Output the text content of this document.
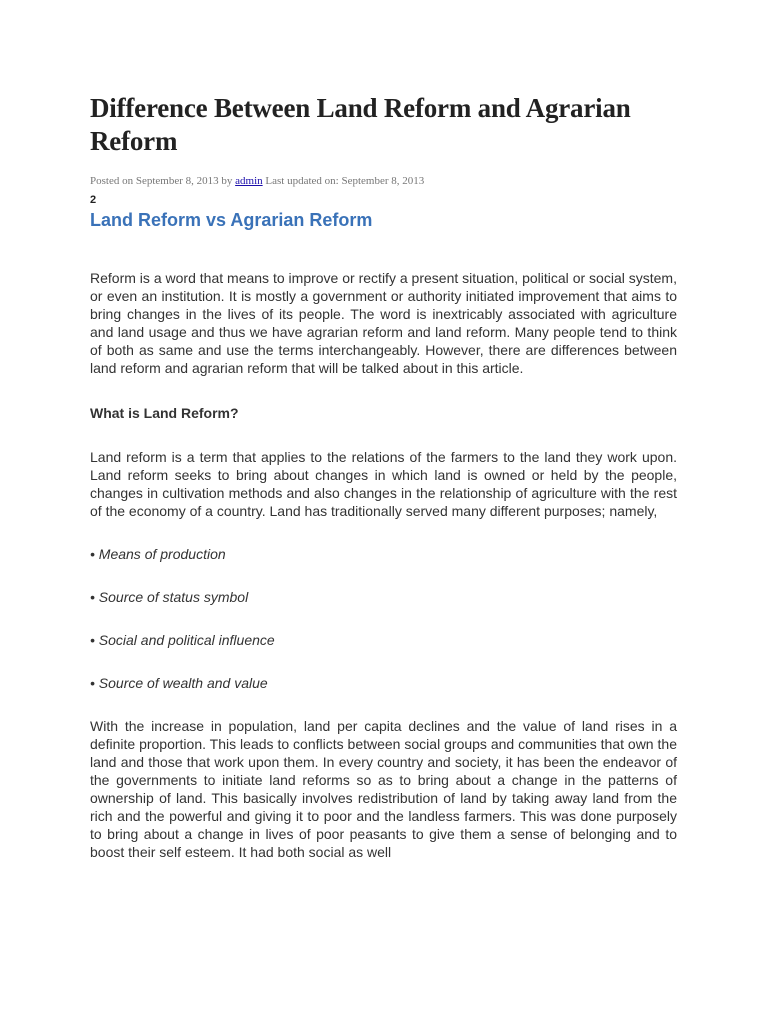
Difference Between Land Reform and Agrarian Reform
Posted on September 8, 2013 by admin Last updated on: September 8, 2013
2
Land Reform vs Agrarian Reform

Reform is a word that means to improve or rectify a present situation, political or social system, or even an institution. It is mostly a government or authority initiated improvement that aims to bring changes in the lives of its people. The word is inextricably associated with agriculture and land usage and thus we have agrarian reform and land reform. Many people tend to think of both as same and use the terms interchangeably. However, there are differences between land reform and agrarian reform that will be talked about in this article.

What is Land Reform?

Land reform is a term that applies to the relations of the farmers to the land they work upon. Land reform seeks to bring about changes in which land is owned or held by the people, changes in cultivation methods and also changes in the relationship of agriculture with the rest of the economy of a country. Land has traditionally served many different purposes; namely,

• Means of production

• Source of status symbol

• Social and political influence

• Source of wealth and value

With the increase in population, land per capita declines and the value of land rises in a definite proportion. This leads to conflicts between social groups and communities that own the land and those that work upon them. In every country and society, it has been the endeavor of the governments to initiate land reforms so as to bring about a change in the patterns of ownership of land. This basically involves redistribution of land by taking away land from the rich and the powerful and giving it to poor and the landless farmers. This was done purposely to bring about a change in lives of poor peasants to give them a sense of belonging and to boost their self esteem. It had both social as well
